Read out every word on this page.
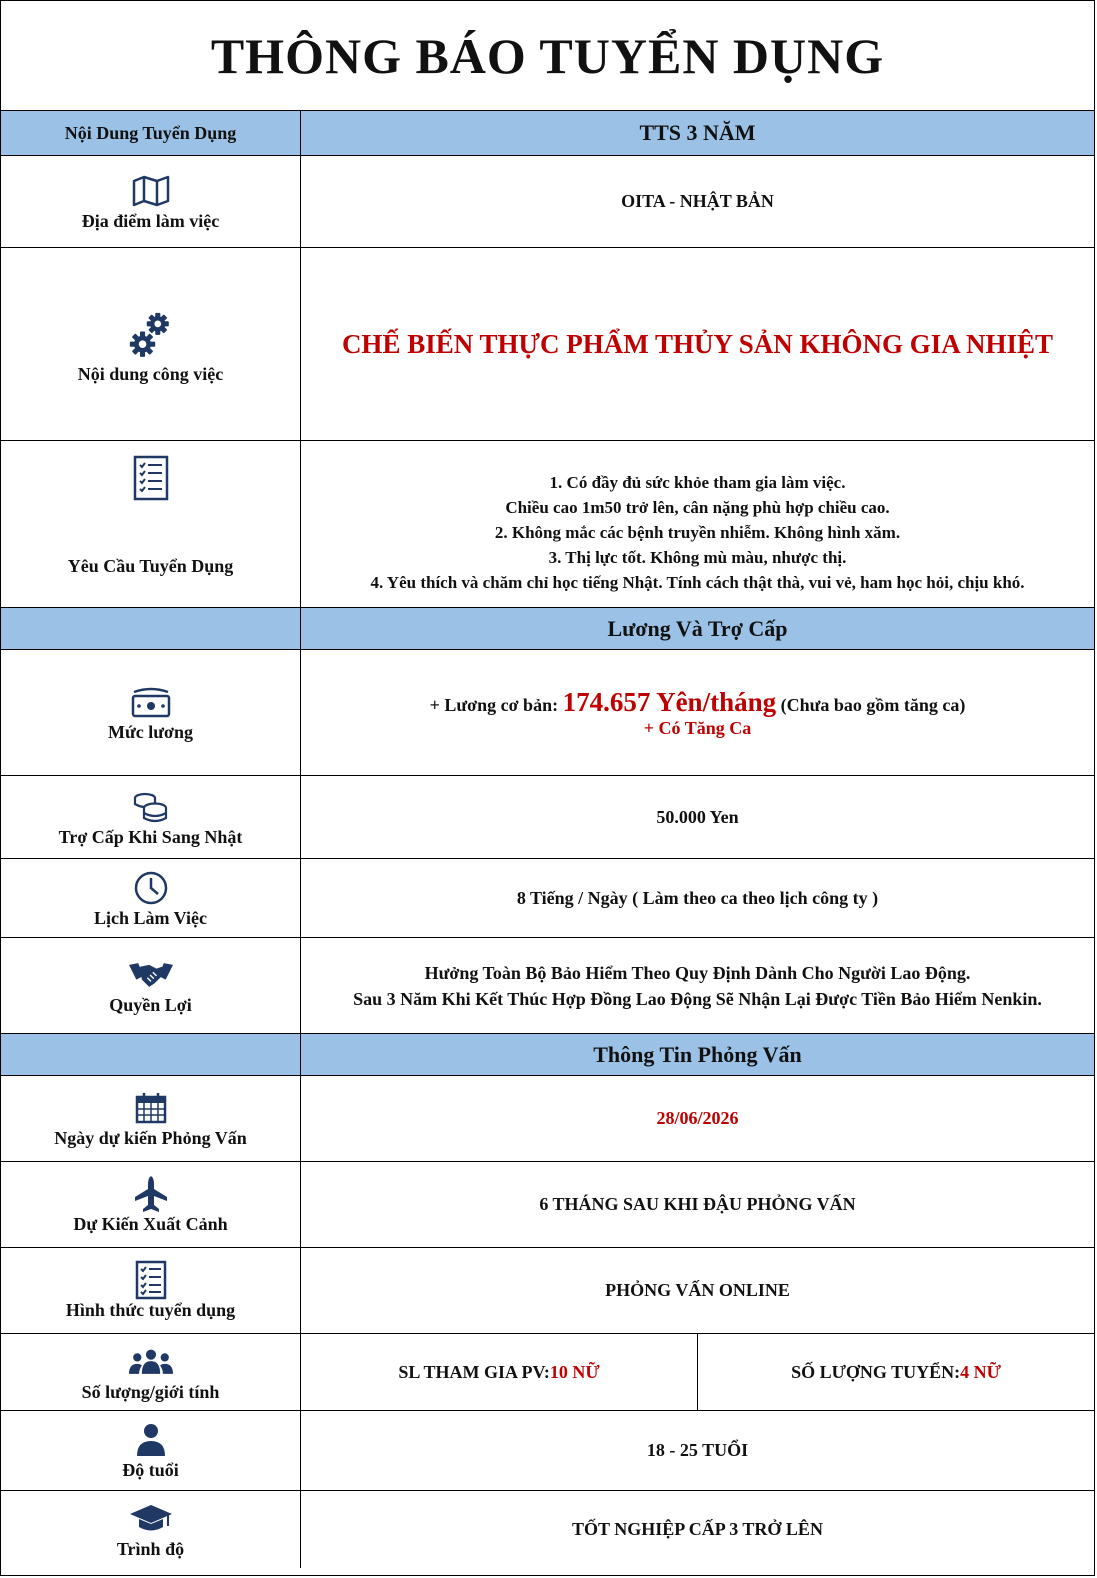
THÔNG BÁO TUYỂN DỤNG
Nội Dung Tuyển Dụng	TTS 3 NĂM
Địa điểm làm việc
OITA - NHẬT BẢN
Nội dung công việc
CHẾ BIẾN THỰC PHẨM THỦY SẢN KHÔNG GIA NHIỆT
Yêu Cầu Tuyển Dụng
1. Có đầy đủ sức khỏe tham gia làm việc.
Chiều cao 1m50 trở lên, cân nặng phù hợp chiều cao.
2. Không mắc các bệnh truyền nhiễm. Không hình xăm.
3. Thị lực tốt. Không mù màu, nhược thị.
4. Yêu thích và chăm chỉ học tiếng Nhật. Tính cách thật thà, vui vẻ, ham học hỏi, chịu khó.
Lương Và Trợ Cấp
Mức lương
+ Lương cơ bản: 174.657 Yên/tháng (Chưa bao gồm tăng ca)
+ Có Tăng Ca
Trợ Cấp Khi Sang Nhật
50.000 Yen
Lịch Làm Việc
8 Tiếng / Ngày ( Làm theo ca theo lịch công ty )
Quyền Lợi
Hưởng Toàn Bộ Bảo Hiểm Theo Quy Định Dành Cho Người Lao Động.
Sau 3 Năm Khi Kết Thúc Hợp Đồng Lao Động Sẽ Nhận Lại Được Tiền Bảo Hiểm Nenkin.
Thông Tin Phỏng Vấn
Ngày dự kiến Phỏng Vấn
28/06/2026
Dự Kiến Xuất Cảnh
6 THÁNG SAU KHI ĐẬU PHỎNG VẤN
Hình thức tuyển dụng
PHỎNG VẤN ONLINE
Số lượng/giới tính
SL THAM GIA PV: 10 NỮ	SỐ LƯỢNG TUYỂN: 4 NỮ
Độ tuổi
18 - 25 TUỔI
Trình độ
TỐT NGHIỆP CẤP 3 TRỞ LÊN
